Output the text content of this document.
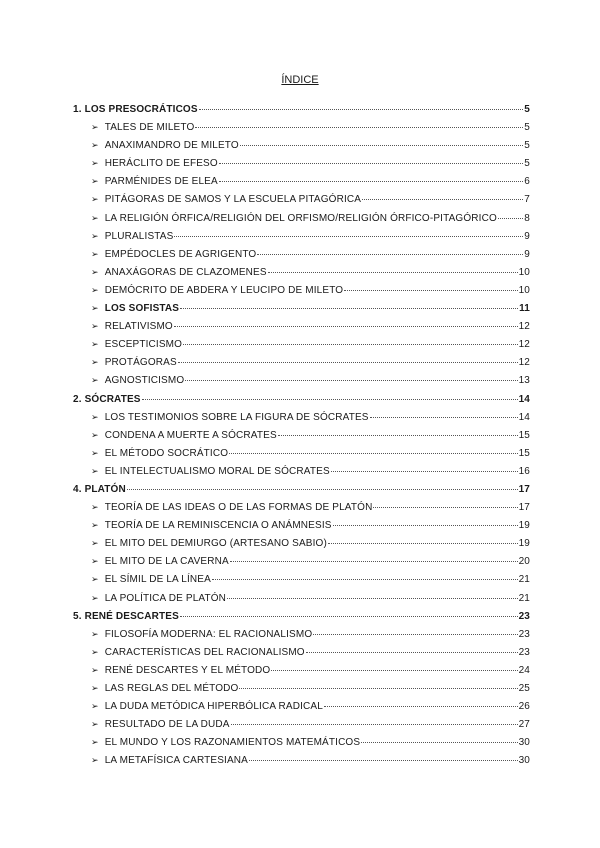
ÍNDICE
1. LOS PRESOCRÁTICOS	5
➢ TALES DE MILETO	5
➢ ANAXIMANDRO DE MILETO	5
➢ HERÁCLITO DE EFESO	5
➢ PARMÉNIDES DE ELEA	6
➢ PITÁGORAS DE SAMOS Y LA ESCUELA PITAGÓRICA	7
➢ LA RELIGIÓN ÓRFICA/RELIGIÓN DEL ORFISMO/RELIGIÓN ÓRFICO-PITAGÓRICO	8
➢ PLURALISTAS	9
➢ EMPÉDOCLES DE AGRIGENTO	9
➢ ANAXÁGORAS DE CLAZOMENES	10
➢ DEMÓCRITO DE ABDERA Y LEUCIPO DE MILETO	10
➢ LOS SOFISTAS	11
➢ RELATIVISMO	12
➢ ESCEPTICISMO	12
➢ PROTÁGORAS	12
➢ AGNOSTICISMO	13
2. SÓCRATES	14
➢ LOS TESTIMONIOS SOBRE LA FIGURA DE SÓCRATES	14
➢ CONDENA A MUERTE A SÓCRATES	15
➢ EL MÉTODO SOCRÁTICO	15
➢ EL INTELECTUALISMO MORAL DE SÓCRATES	16
4. PLATÓN	17
➢ TEORÍA DE LAS IDEAS O DE LAS FORMAS DE PLATÓN	17
➢ TEORÍA DE LA REMINISCENCIA O ANÁMNESIS	19
➢ EL MITO DEL DEMIURGO (ARTESANO SABIO)	19
➢ EL MITO DE LA CAVERNA	20
➢ EL SÍMIL DE LA LÍNEA	21
➢ LA POLÍTICA DE PLATÓN	21
5. RENÉ DESCARTES	23
➢ FILOSOFÍA MODERNA: EL RACIONALISMO	23
➢ CARACTERÍSTICAS DEL RACIONALISMO	23
➢ RENÉ DESCARTES Y EL MÉTODO	24
➢ LAS REGLAS DEL MÉTODO	25
➢ LA DUDA METÓDICA HIPERBÓLICA RADICAL	26
➢ RESULTADO DE LA DUDA	27
➢ EL MUNDO Y LOS RAZONAMIENTOS MATEMÁTICOS	30
➢ LA METAFÍSICA CARTESIANA	30
